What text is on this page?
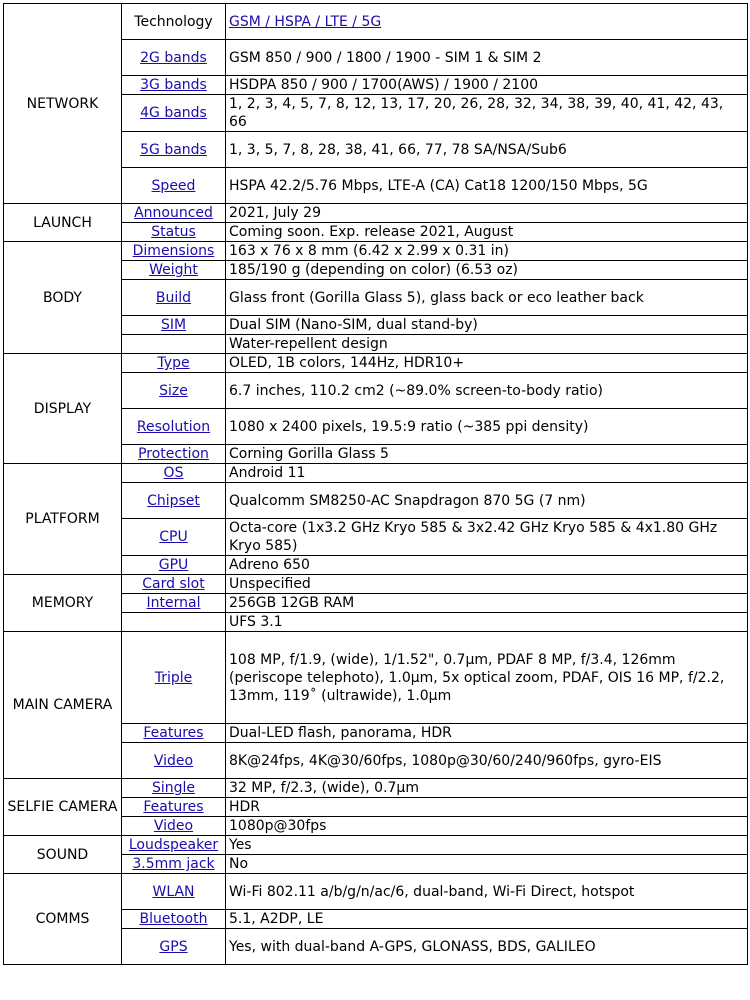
NETWORK	Technology	GSM / HSPA / LTE / 5G
	2G bands	GSM 850 / 900 / 1800 / 1900 - SIM 1 & SIM 2
	3G bands	HSDPA 850 / 900 / 1700(AWS) / 1900 / 2100
	4G bands	1, 2, 3, 4, 5, 7, 8, 12, 13, 17, 20, 26, 28, 32, 34, 38, 39, 40, 41, 42, 43, 66
	5G bands	1, 3, 5, 7, 8, 28, 38, 41, 66, 77, 78 SA/NSA/Sub6
	Speed	HSPA 42.2/5.76 Mbps, LTE-A (CA) Cat18 1200/150 Mbps, 5G
LAUNCH	Announced	2021, July 29
	Status	Coming soon. Exp. release 2021, August
BODY	Dimensions	163 x 76 x 8 mm (6.42 x 2.99 x 0.31 in)
	Weight	185/190 g (depending on color) (6.53 oz)
	Build	Glass front (Gorilla Glass 5), glass back or eco leather back
	SIM	Dual SIM (Nano-SIM, dual stand-by)
		Water-repellent design
DISPLAY	Type	OLED, 1B colors, 144Hz, HDR10+
	Size	6.7 inches, 110.2 cm2 (~89.0% screen-to-body ratio)
	Resolution	1080 x 2400 pixels, 19.5:9 ratio (~385 ppi density)
	Protection	Corning Gorilla Glass 5
PLATFORM	OS	Android 11
	Chipset	Qualcomm SM8250-AC Snapdragon 870 5G (7 nm)
	CPU	Octa-core (1x3.2 GHz Kryo 585 & 3x2.42 GHz Kryo 585 & 4x1.80 GHz Kryo 585)
	GPU	Adreno 650
MEMORY	Card slot	Unspecified
	Internal	256GB 12GB RAM
		UFS 3.1
MAIN CAMERA	Triple	108 MP, f/1.9, (wide), 1/1.52", 0.7µm, PDAF 8 MP, f/3.4, 126mm (periscope telephoto), 1.0µm, 5x optical zoom, PDAF, OIS 16 MP, f/2.2, 13mm, 119˚ (ultrawide), 1.0µm
	Features	Dual-LED flash, panorama, HDR
	Video	8K@24fps, 4K@30/60fps, 1080p@30/60/240/960fps, gyro-EIS
SELFIE CAMERA	Single	32 MP, f/2.3, (wide), 0.7µm
	Features	HDR
	Video	1080p@30fps
SOUND	Loudspeaker	Yes
	3.5mm jack	No
COMMS	WLAN	Wi-Fi 802.11 a/b/g/n/ac/6, dual-band, Wi-Fi Direct, hotspot
	Bluetooth	5.1, A2DP, LE
	GPS	Yes, with dual-band A-GPS, GLONASS, BDS, GALILEO
